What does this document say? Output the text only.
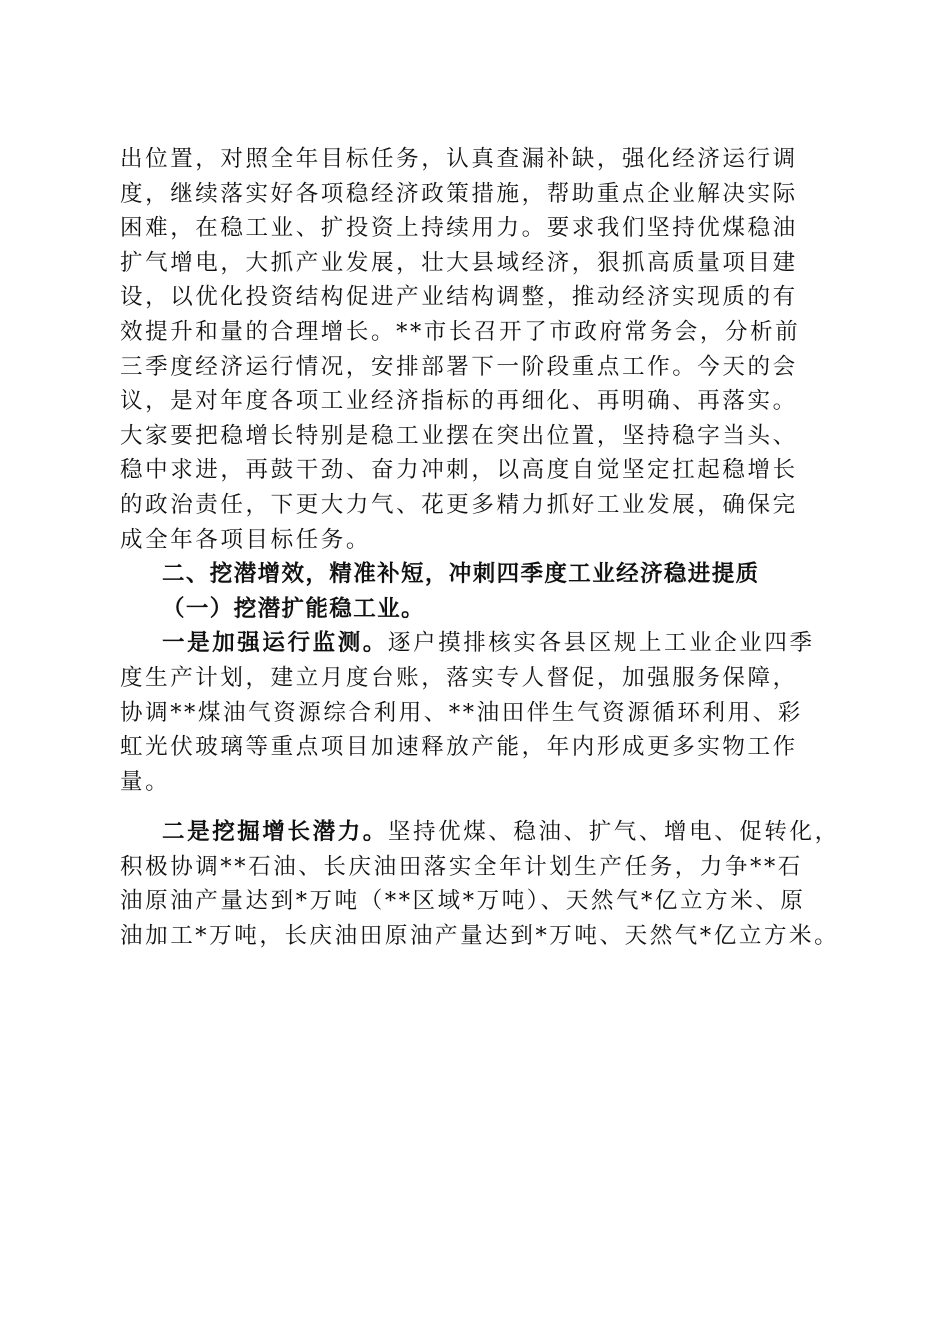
出位置，对照全年目标任务，认真查漏补缺，强化经济运行调
度，继续落实好各项稳经济政策措施，帮助重点企业解决实际
困难，在稳工业、扩投资上持续用力。要求我们坚持优煤稳油
扩气增电，大抓产业发展，壮大县域经济，狠抓高质量项目建
设，以优化投资结构促进产业结构调整，推动经济实现质的有
效提升和量的合理增长。**市长召开了市政府常务会，分析前
三季度经济运行情况，安排部署下一阶段重点工作。今天的会
议，是对年度各项工业经济指标的再细化、再明确、再落实。
大家要把稳增长特别是稳工业摆在突出位置，坚持稳字当头、
稳中求进，再鼓干劲、奋力冲刺，以高度自觉坚定扛起稳增长
的政治责任，下更大力气、花更多精力抓好工业发展，确保完
成全年各项目标任务。
二、挖潜增效，精准补短，冲刺四季度工业经济稳进提质
（一）挖潜扩能稳工业。
一是加强运行监测。逐户摸排核实各县区规上工业企业四季
度生产计划，建立月度台账，落实专人督促，加强服务保障，
协调**煤油气资源综合利用、**油田伴生气资源循环利用、彩
虹光伏玻璃等重点项目加速释放产能，年内形成更多实物工作
量。
二是挖掘增长潜力。坚持优煤、稳油、扩气、增电、促转化，
积极协调**石油、长庆油田落实全年计划生产任务，力争**石
油原油产量达到*万吨（**区域*万吨）、天然气*亿立方米、原
油加工*万吨，长庆油田原油产量达到*万吨、天然气*亿立方米。
